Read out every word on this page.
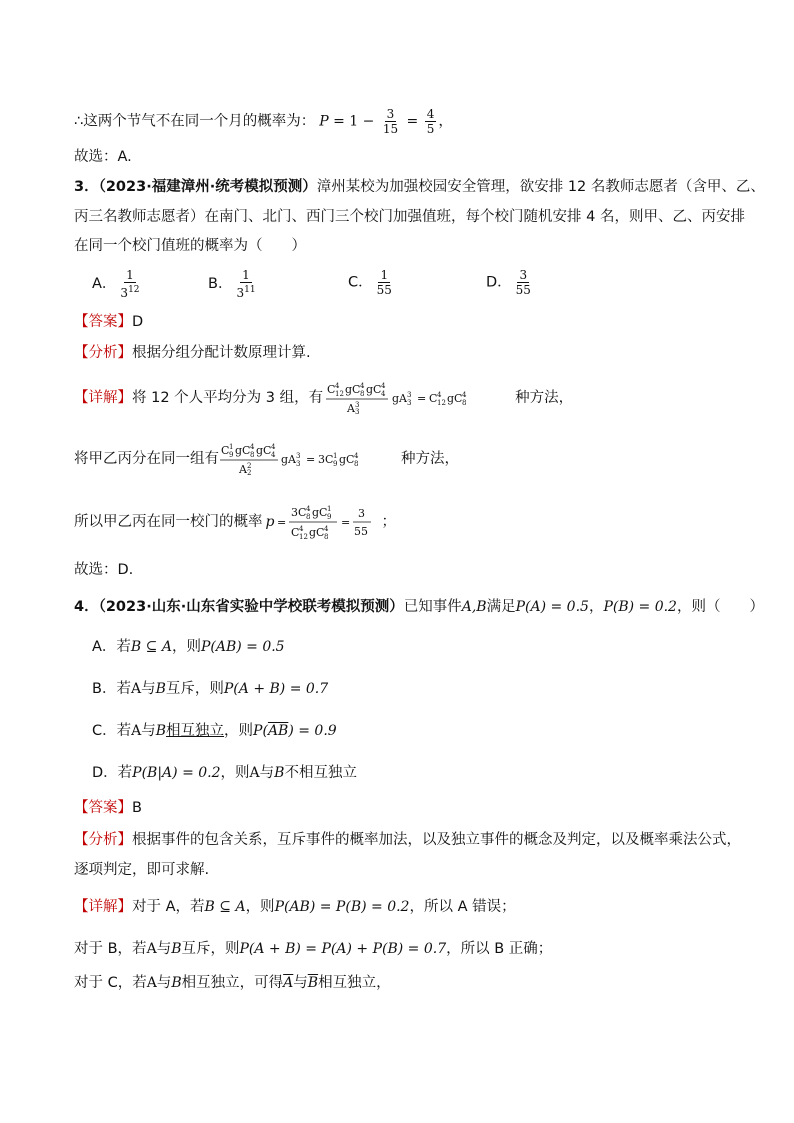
∴这两个节气不在同一个月的概率为： $P = 1 - \frac{3}{15} = \frac{4}{5}$ ，
故选：A.
3．（2023·福建漳州·统考模拟预测）漳州某校为加强校园安全管理，欲安排 12 名教师志愿者（含甲、乙、
丙三名教师志愿者）在南门、北门、西门三个校门加强值班，每个校门随机安排 4 名，则甲、乙、丙安排
在同一个校门值班的概率为（　　）
A． $\frac{1}{3^{12}}$	B． $\frac{1}{3^{11}}$	C． $\frac{1}{55}$	D． $\frac{3}{55}$
【答案】D
【分析】根据分组分配计数原理计算.
【详解】 将 12 个人平均分为 3 组，有
C 4
12 g C 4
8 g C 4
4
A 3
3
g A 3
3 = C 4
12 g C 4
8	种方法，
将甲乙丙分在同一组有
C 1
9 g C 4
8 g C 4
4
A 2
2
g A 3
3 = 3C 1
9 g C 4
8	种方法，
所以甲乙丙在同一校门的概率 p =
3C 4
8 g C 1
9
C 4
12 g C 4
8
=
3
55
；
故选：D.
4．（2023·山东·山东省实验中学校联考模拟预测）已知事件A,B满足P(A) = 0.5，P(B) = 0.2，则（　　）
A．若B ⊆ A，则P(AB) = 0.5
B．若A与B互斥，则P(A + B) = 0.7
C．若A与B相互独立，则$P(\overline{AB}) = 0.9$
D．若P(B|A) = 0.2，则A与B不相互独立
【答案】B
【分析】根据事件的包含关系，互斥事件的概率加法，以及独立事件的概念及判定，以及概率乘法公式，
逐项判定，即可求解.
【详解】对于 A，若B ⊆ A，则P(AB) = P(B) = 0.2，所以 A 错误；
对于 B，若A与B互斥，则P(A + B) = P(A) + P(B) = 0.7，所以 B 正确；
对于 C，若A与B相互独立，可得$\overline{A}$与$\overline{B}$相互独立，
